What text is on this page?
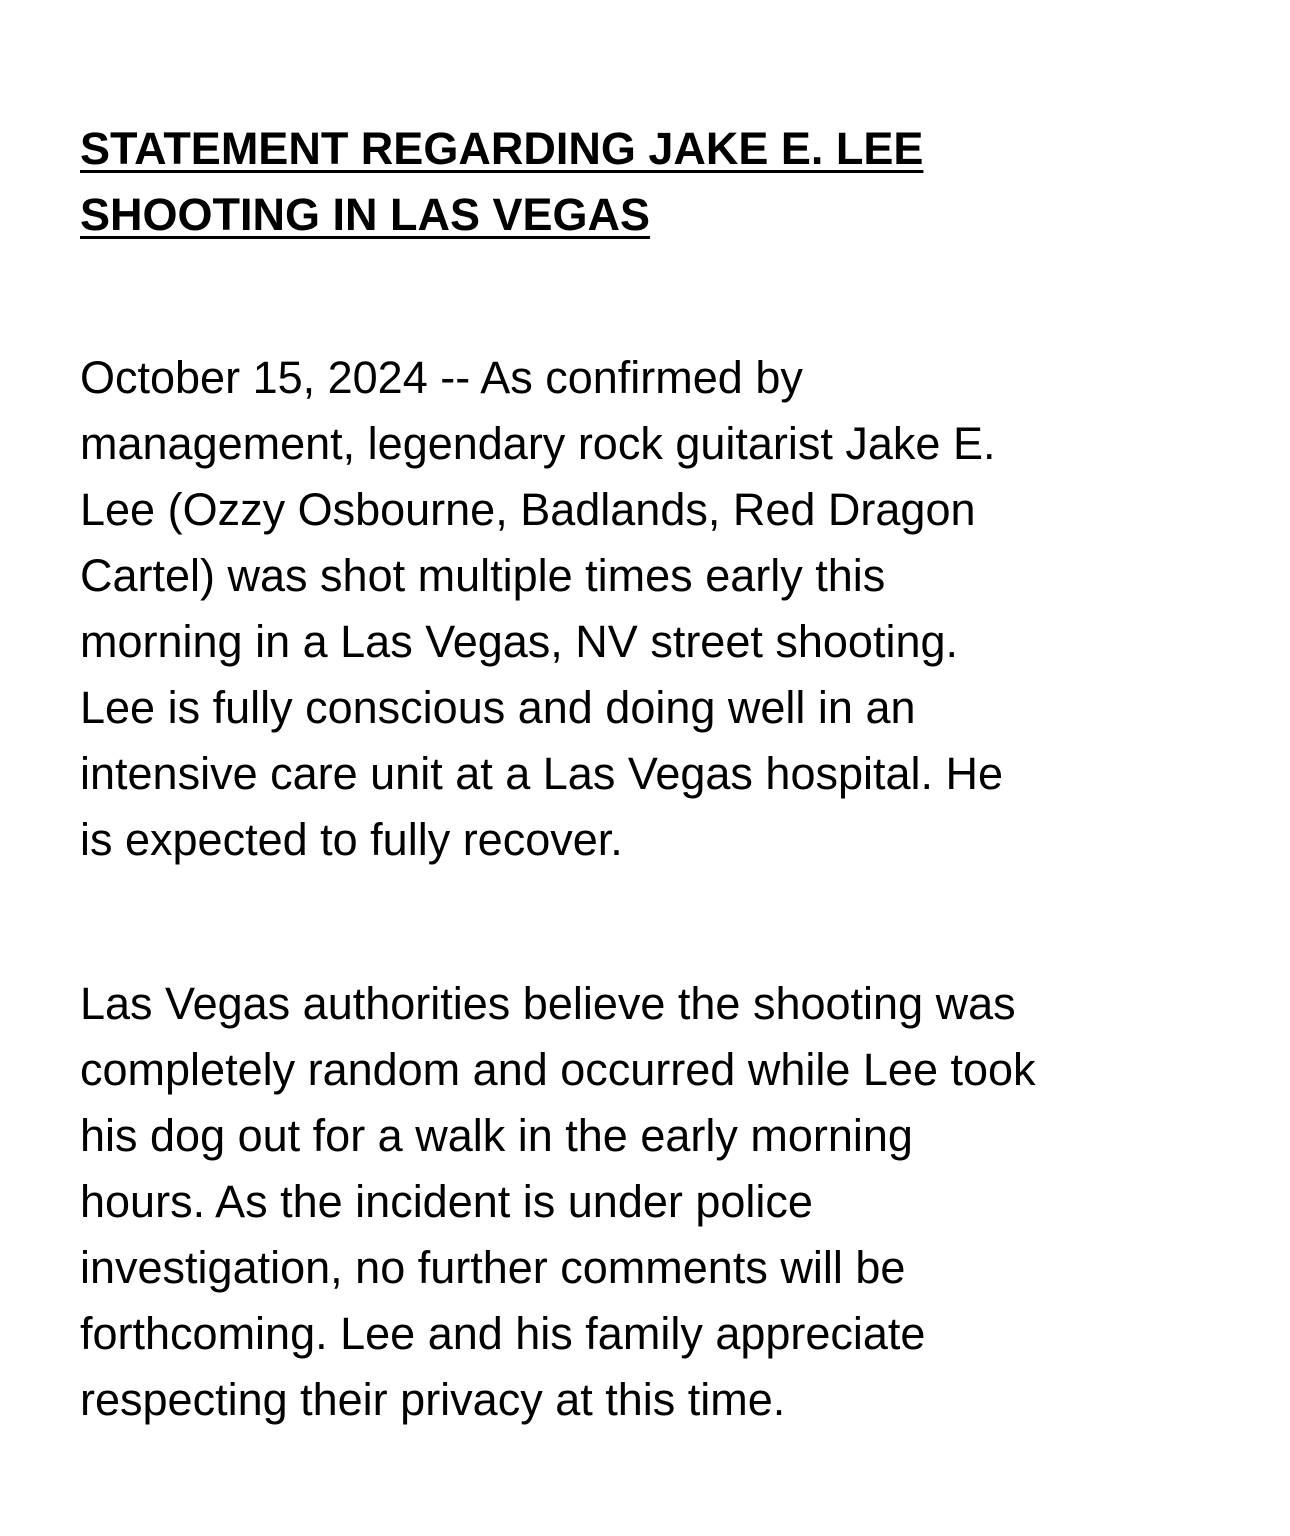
STATEMENT REGARDING JAKE E. LEE
SHOOTING IN LAS VEGAS

October 15, 2024 -- As confirmed by
management, legendary rock guitarist Jake E.
Lee (Ozzy Osbourne, Badlands, Red Dragon
Cartel) was shot multiple times early this
morning in a Las Vegas, NV street shooting.
Lee is fully conscious and doing well in an
intensive care unit at a Las Vegas hospital. He
is expected to fully recover.

Las Vegas authorities believe the shooting was
completely random and occurred while Lee took
his dog out for a walk in the early morning
hours. As the incident is under police
investigation, no further comments will be
forthcoming. Lee and his family appreciate
respecting their privacy at this time.
